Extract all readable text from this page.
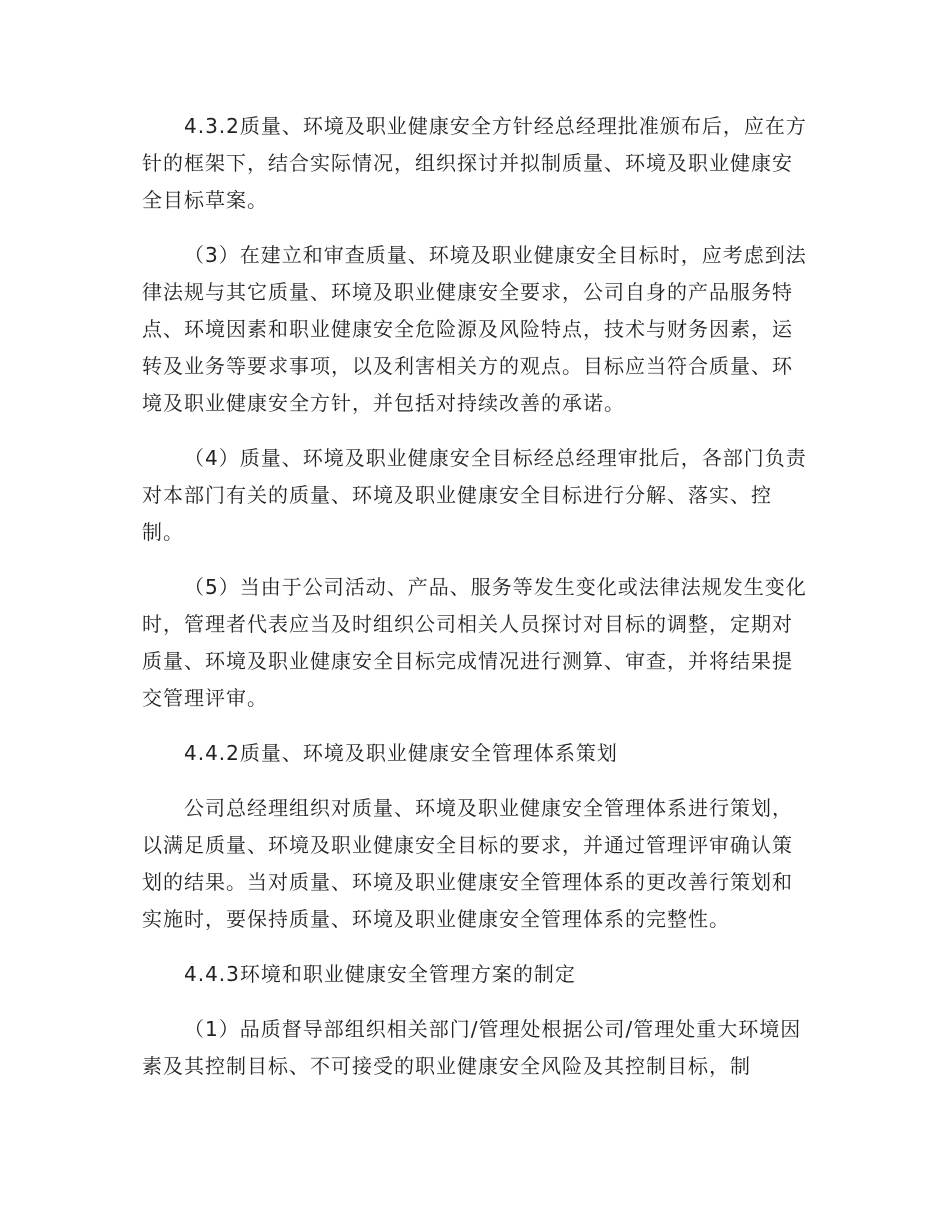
4.3.2质量、环境及职业健康安全方针经总经理批准颁布后，应在方针的框架下，结合实际情况，组织探讨并拟制质量、环境及职业健康安全目标草案。

（3）在建立和审查质量、环境及职业健康安全目标时，应考虑到法律法规与其它质量、环境及职业健康安全要求，公司自身的产品服务特点、环境因素和职业健康安全危险源及风险特点，技术与财务因素，运转及业务等要求事项，以及利害相关方的观点。目标应当符合质量、环境及职业健康安全方针，并包括对持续改善的承诺。

（4）质量、环境及职业健康安全目标经总经理审批后，各部门负责对本部门有关的质量、环境及职业健康安全目标进行分解、落实、控制。

（5）当由于公司活动、产品、服务等发生变化或法律法规发生变化时，管理者代表应当及时组织公司相关人员探讨对目标的调整，定期对质量、环境及职业健康安全目标完成情况进行测算、审查，并将结果提交管理评审。

4.4.2质量、环境及职业健康安全管理体系策划

公司总经理组织对质量、环境及职业健康安全管理体系进行策划，以满足质量、环境及职业健康安全目标的要求，并通过管理评审确认策划的结果。当对质量、环境及职业健康安全管理体系的更改善行策划和实施时，要保持质量、环境及职业健康安全管理体系的完整性。

4.4.3环境和职业健康安全管理方案的制定

（1）品质督导部组织相关部门/管理处根据公司/管理处重大环境因素及其控制目标、不可接受的职业健康安全风险及其控制目标，制
